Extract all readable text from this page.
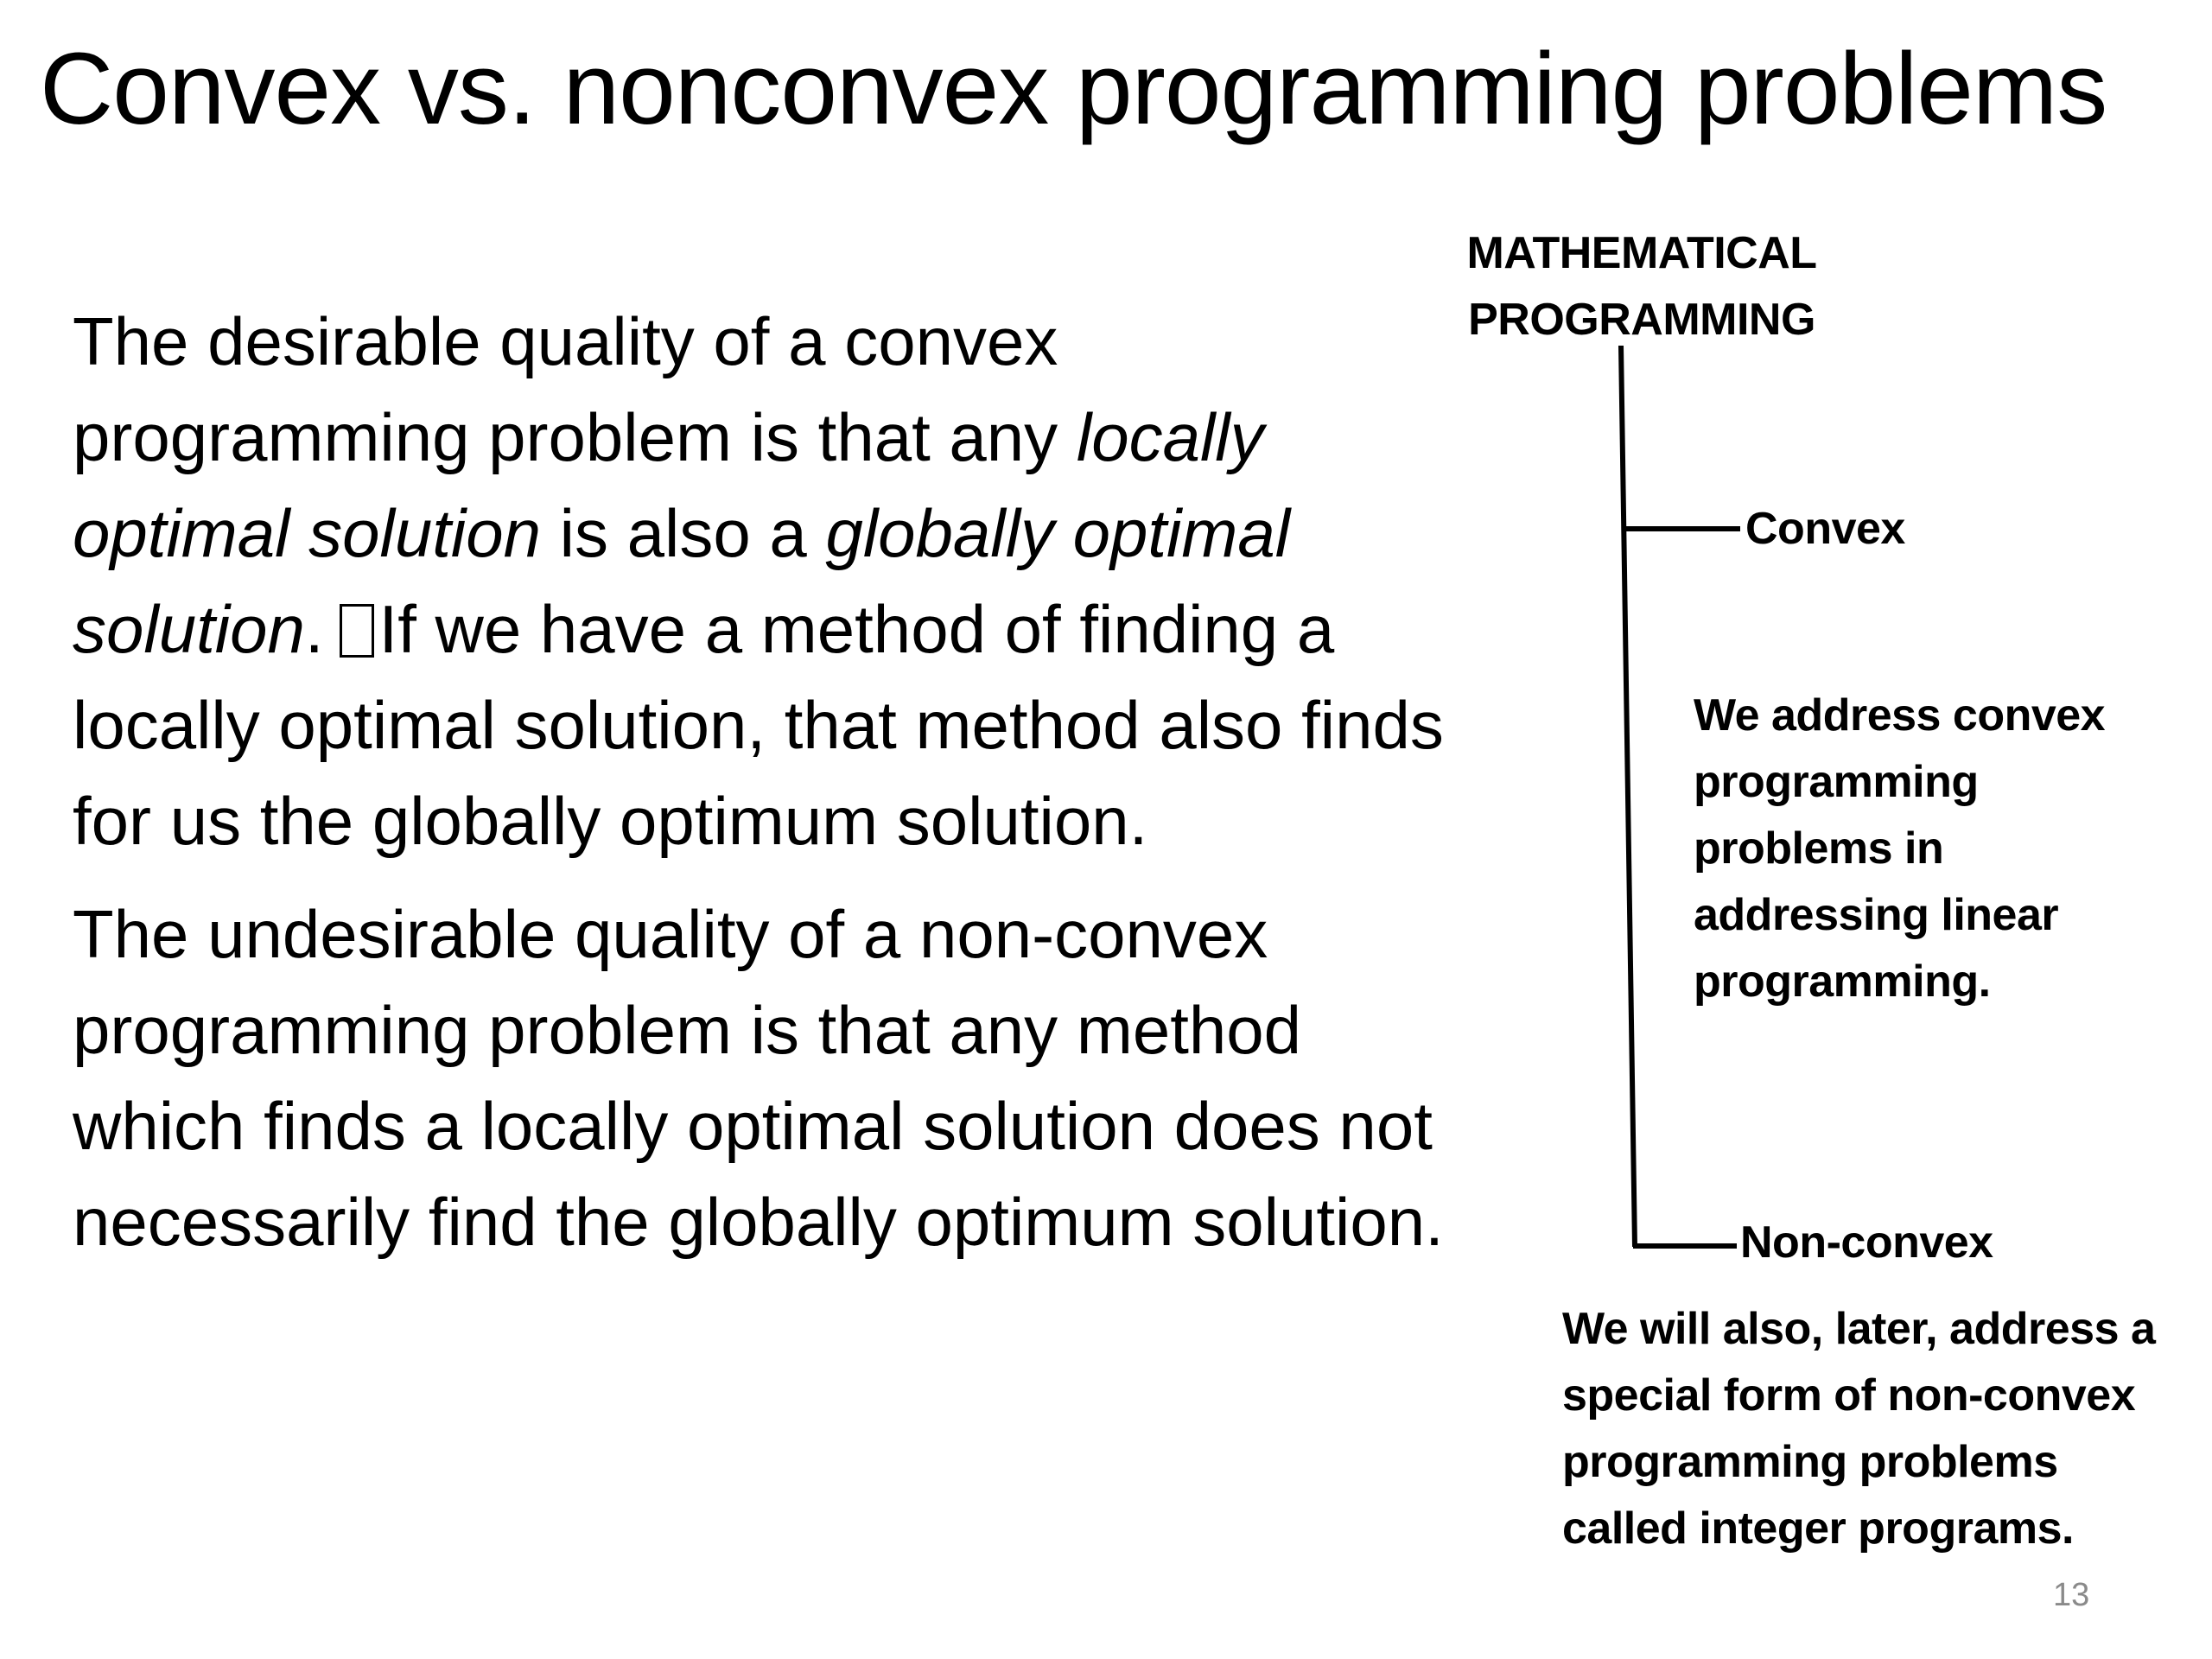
Convex vs. nonconvex programming problems

The desirable quality of a convex programming problem is that any locally optimal solution is also a globally optimal solution. If we have a method of finding a locally optimal solution, that method also finds for us the globally optimum solution.

The undesirable quality of a non-convex programming problem is that any method which finds a locally optimal solution does not necessarily find the globally optimum solution.

MATHEMATICAL
PROGRAMMING
Convex
We address convex programming problems in addressing linear programming.
Non-convex
We will also, later, address a special form of non-convex programming problems called integer programs.
13
